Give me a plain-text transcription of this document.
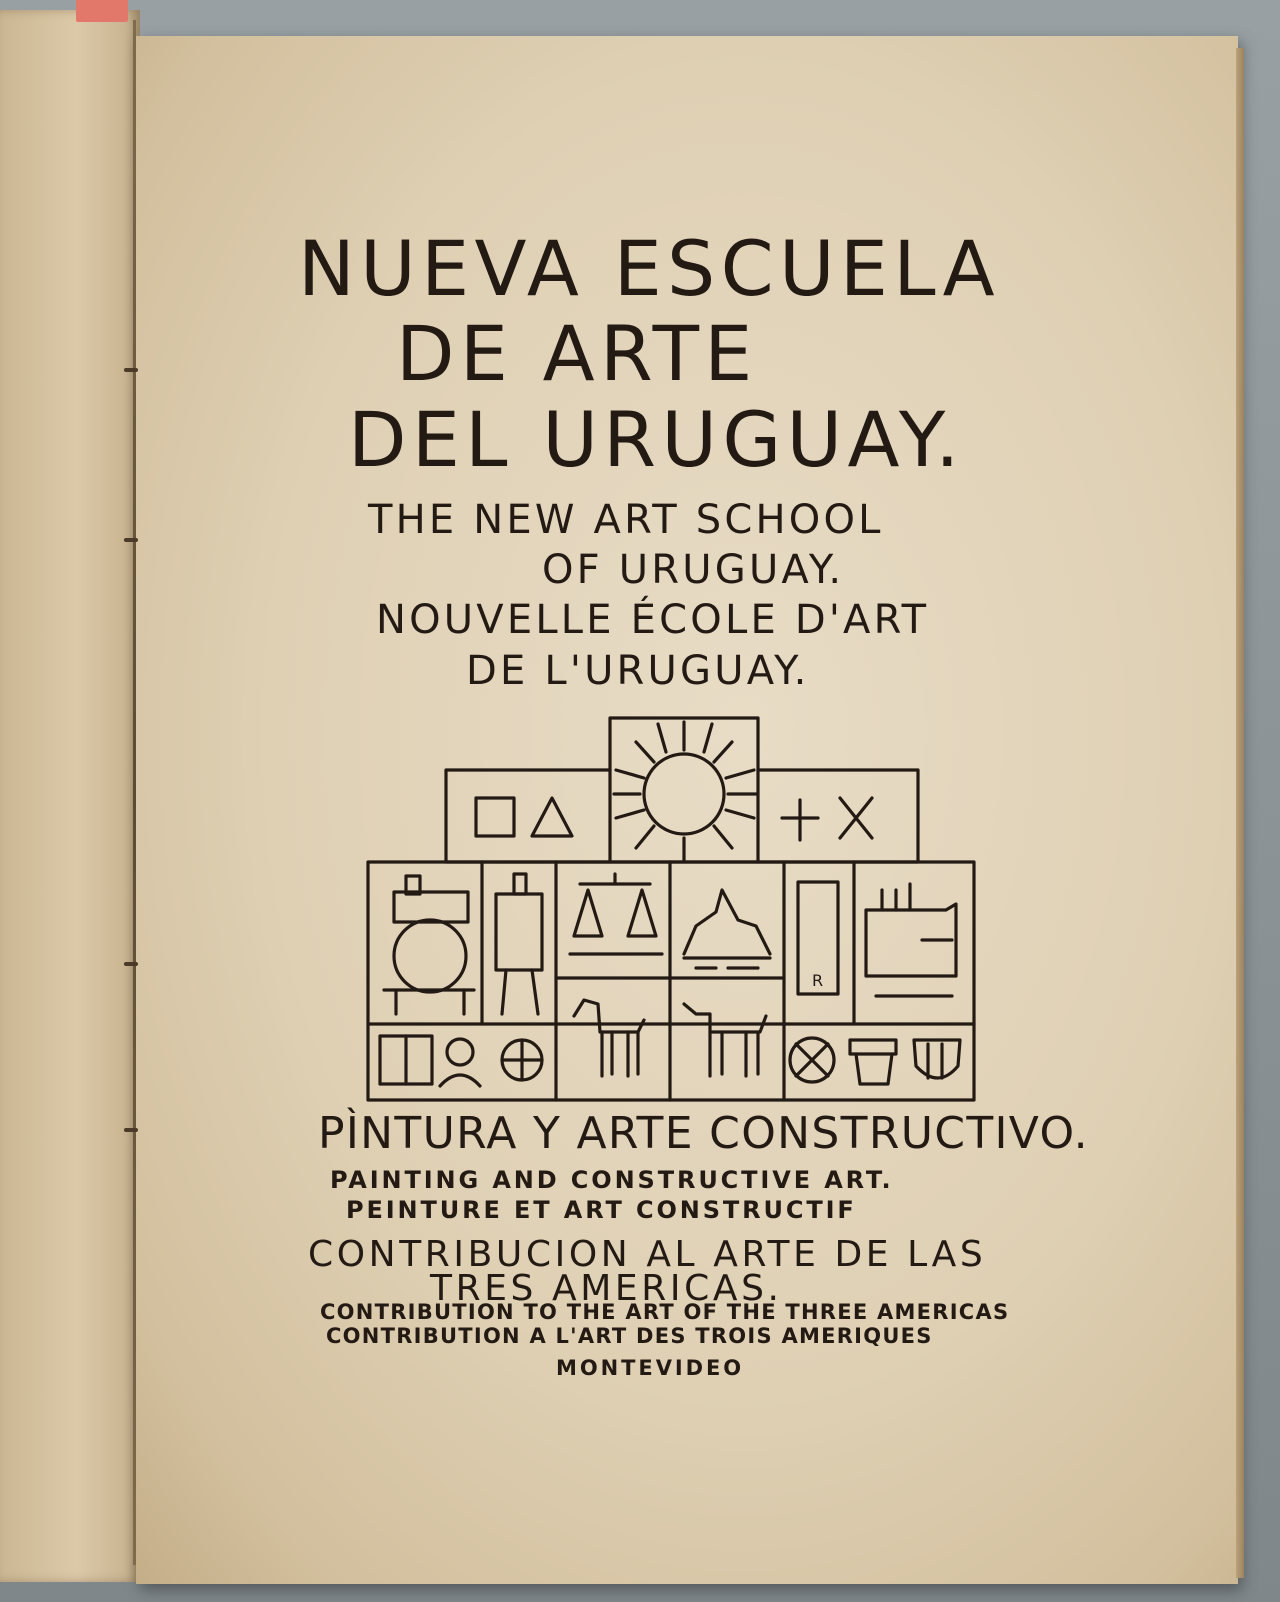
NUEVA ESCUELA
DE ARTE
DEL URUGUAY.
THE NEW ART SCHOOL
OF URUGUAY.
NOUVELLE ÉCOLE D'ART
DE L'URUGUAY.
R
PÌNTURA Y ARTE CONSTRUCTIVO.
PAINTING AND CONSTRUCTIVE ART.
PEINTURE ET ART CONSTRUCTIF
CONTRIBUCION AL ARTE DE LAS
TRES AMERICAS.
CONTRIBUTION TO THE ART OF THE THREE AMERICAS
CONTRIBUTION A L'ART DES TROIS AMERIQUES
MONTEVIDEO
